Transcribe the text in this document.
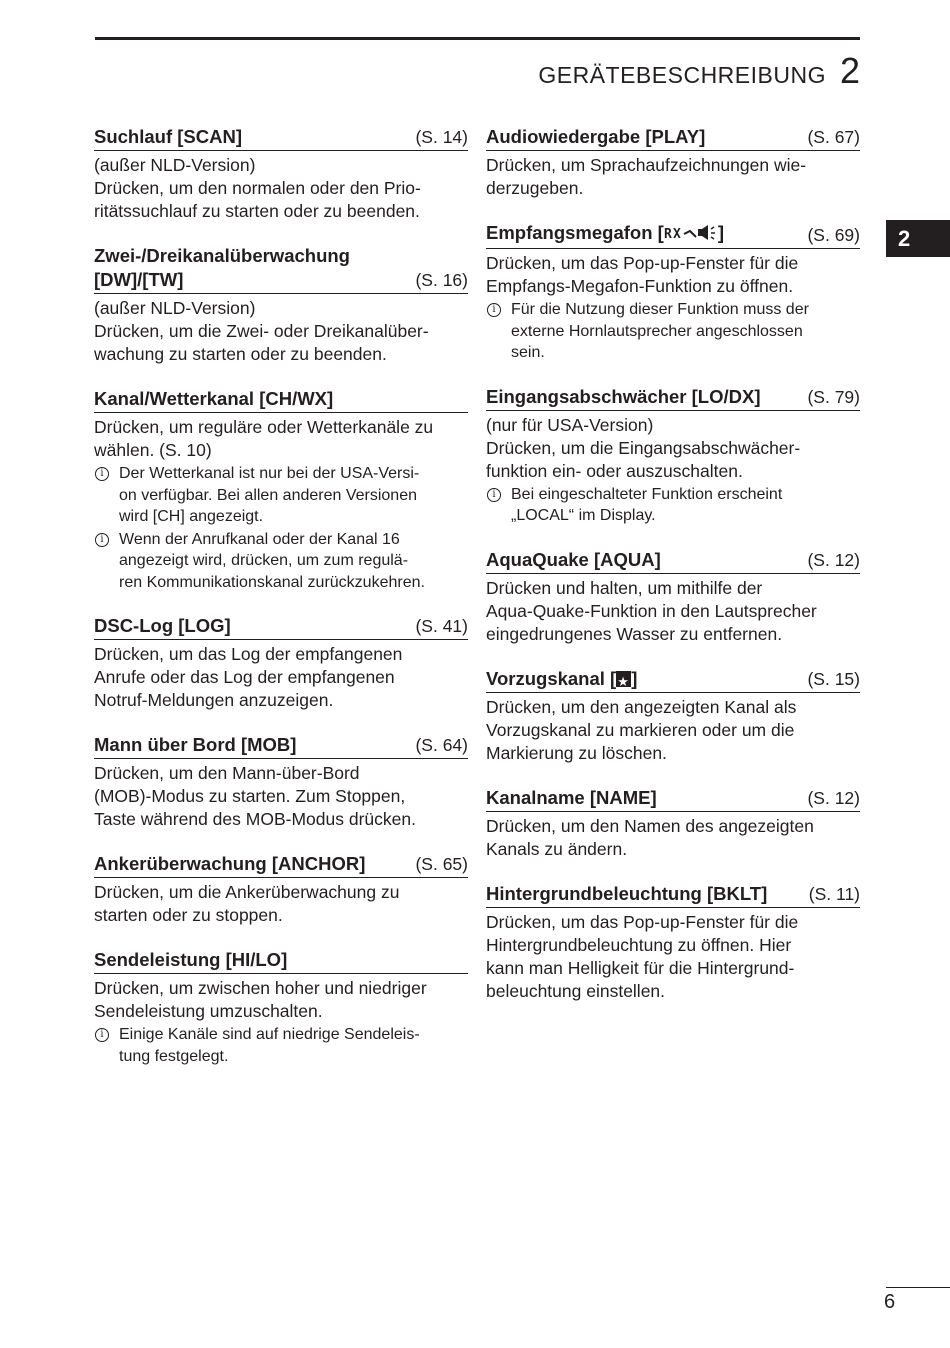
GERÄTEBESCHREIBUNG 2
2
6
Suchlauf [SCAN]	(S. 14)

(außer NLD-Version)

Drücken, um den normalen oder den Prio-

ritätssuchlauf zu starten oder zu beenden.

Zwei-/Dreikanalüberwachung
[DW]/[TW]	(S. 16)

(außer NLD-Version)

Drücken, um die Zwei- oder Dreikanalüber-

wachung zu starten oder zu beenden.

Kanal/Wetterkanal [CH/WX]

Drücken, um reguläre oder Wetterkanäle zu

wählen. (S. 10)

i Der Wetterkanal ist nur bei der USA-Versi-
on verfügbar. Bei allen anderen Versionen
wird [CH] angezeigt.
i Wenn der Anrufkanal oder der Kanal 16
angezeigt wird, drücken, um zum regulä-
ren Kommunikationskanal zurückzukehren.
DSC-Log [LOG]	(S. 41)

Drücken, um das Log der empfangenen

Anrufe oder das Log der empfangenen

Notruf-Meldungen anzuzeigen.

Mann über Bord [MOB]	(S. 64)

Drücken, um den Mann-über-Bord

(MOB)-Modus zu starten. Zum Stoppen,

Taste während des MOB-Modus drücken.

Ankerüberwachung [ANCHOR]	(S. 65)

Drücken, um die Ankerüberwachung zu

starten oder zu stoppen.

Sendeleistung [HI/LO]

Drücken, um zwischen hoher und niedriger

Sendeleistung umzuschalten.

i Einige Kanäle sind auf niedrige Sendeleis-
tung festgelegt.
Audiowiedergabe [PLAY]	(S. 67)

Drücken, um Sprachaufzeichnungen wie-

derzugeben.

Empfangsmegafon [ R X ]	(S. 69)

Drücken, um das Pop-up-Fenster für die

Empfangs-Megafon-Funktion zu öffnen.

i Für die Nutzung dieser Funktion muss der
externe Hornlautsprecher angeschlossen
sein.
Eingangsabschwächer [LO/DX]	(S. 79)

(nur für USA-Version)

Drücken, um die Eingangsabschwächer-

funktion ein- oder auszuschalten.

i Bei eingeschalteter Funktion erscheint
„LOCAL“ im Display.
AquaQuake [AQUA]	(S. 12)

Drücken und halten, um mithilfe der

Aqua-Quake-Funktion in den Lautsprecher

eingedrungenes Wasser zu entfernen.

Vorzugskanal [★ ]	(S. 15)

Drücken, um den angezeigten Kanal als

Vorzugskanal zu markieren oder um die

Markierung zu löschen.

Kanalname [NAME]	(S. 12)

Drücken, um den Namen des angezeigten

Kanals zu ändern.

Hintergrundbeleuchtung [BKLT] (S. 11)

Drücken, um das Pop-up-Fenster für die

Hintergrundbeleuchtung zu öffnen. Hier

kann man Helligkeit für die Hintergrund-

beleuchtung einstellen.
